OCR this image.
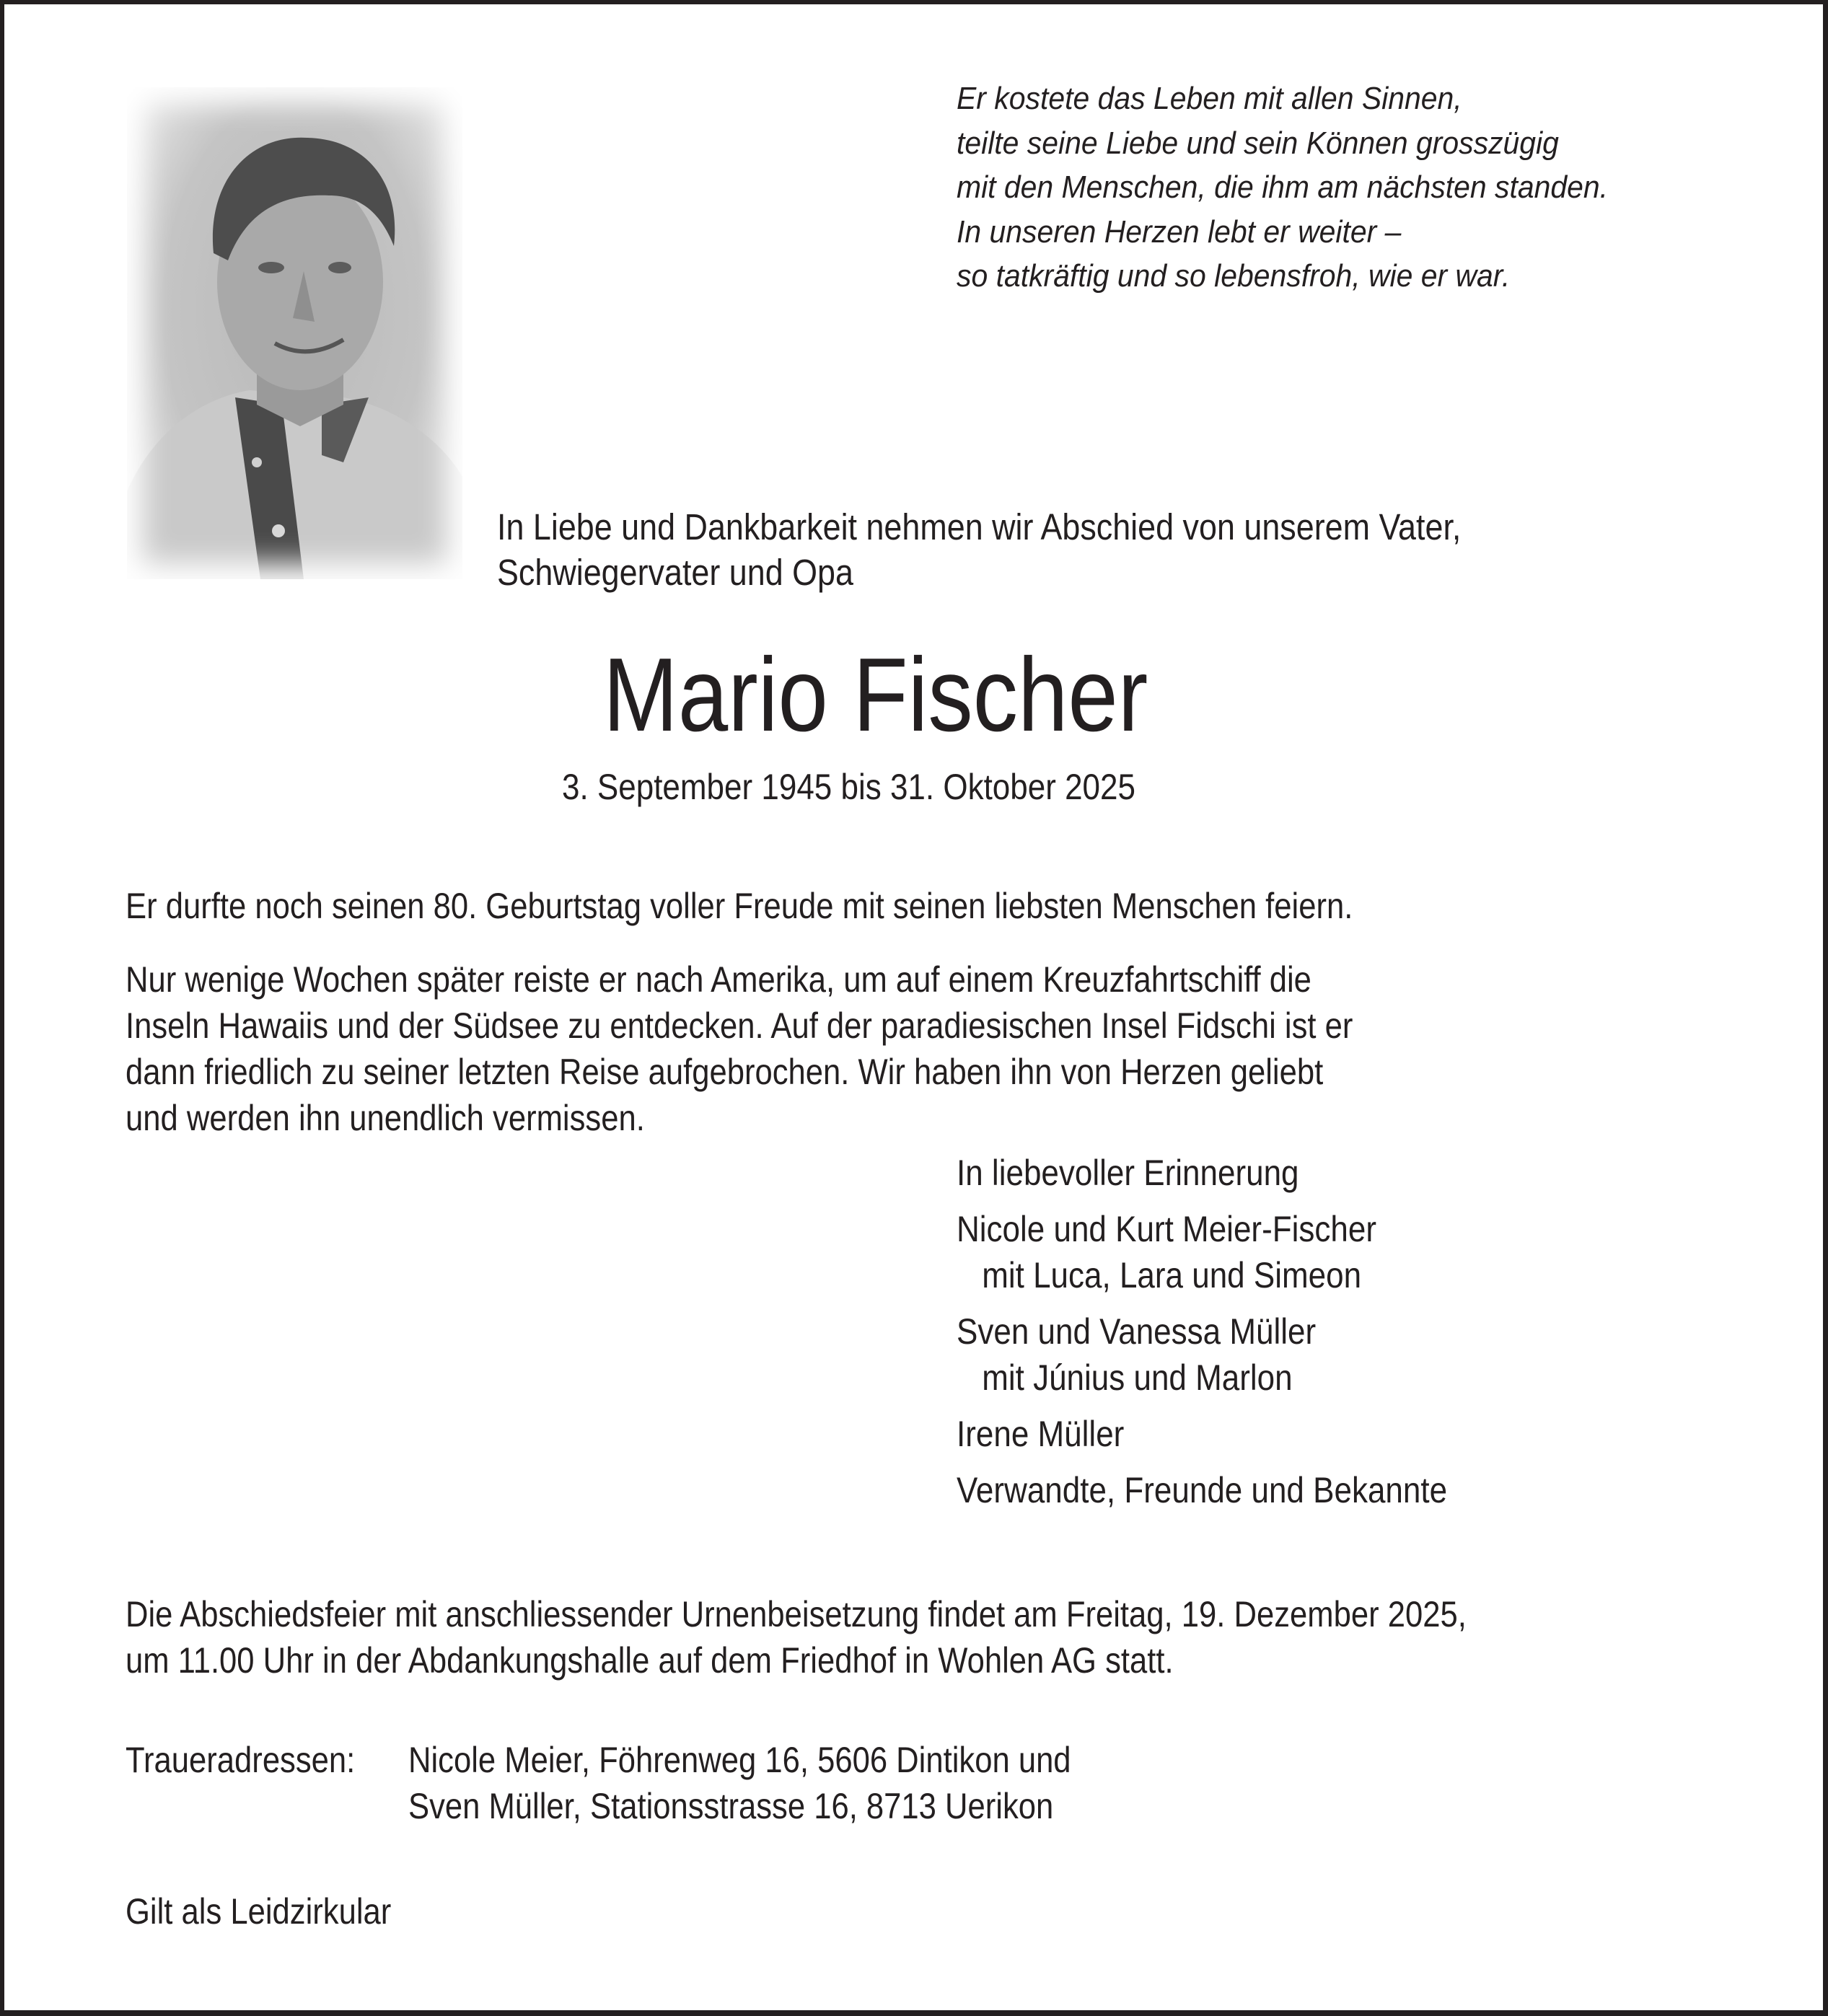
Er kostete das Leben mit allen Sinnen,
teilte seine Liebe und sein Können grosszügig
mit den Menschen, die ihm am nächsten standen.
In unseren Herzen lebt er weiter –
so tatkräftig und so lebensfroh, wie er war.
In Liebe und Dankbarkeit nehmen wir Abschied von unserem Vater,
Schwiegervater und Opa
Mario Fischer
3. September 1945 bis 31. Oktober 2025
Er durfte noch seinen 80. Geburtstag voller Freude mit seinen liebsten Menschen feiern.
Nur wenige Wochen später reiste er nach Amerika, um auf einem Kreuzfahrtschiff die
Inseln Hawaiis und der Südsee zu entdecken. Auf der paradiesischen Insel Fidschi ist er
dann friedlich zu seiner letzten Reise aufgebrochen. Wir haben ihn von Herzen geliebt
und werden ihn unendlich vermissen.
In liebevoller Erinnerung
Nicole und Kurt Meier-Fischer
mit Luca, Lara und Simeon
Sven und Vanessa Müller
mit Június und Marlon
Irene Müller
Verwandte, Freunde und Bekannte
Die Abschiedsfeier mit anschliessender Urnenbeisetzung findet am Freitag, 19. Dezember 2025,
um 11.00 Uhr in der Abdankungshalle auf dem Friedhof in Wohlen AG statt.
Traueradressen: Nicole Meier, Föhrenweg 16, 5606 Dintikon und
Sven Müller, Stationsstrasse 16, 8713 Uerikon
Gilt als Leidzirkular
